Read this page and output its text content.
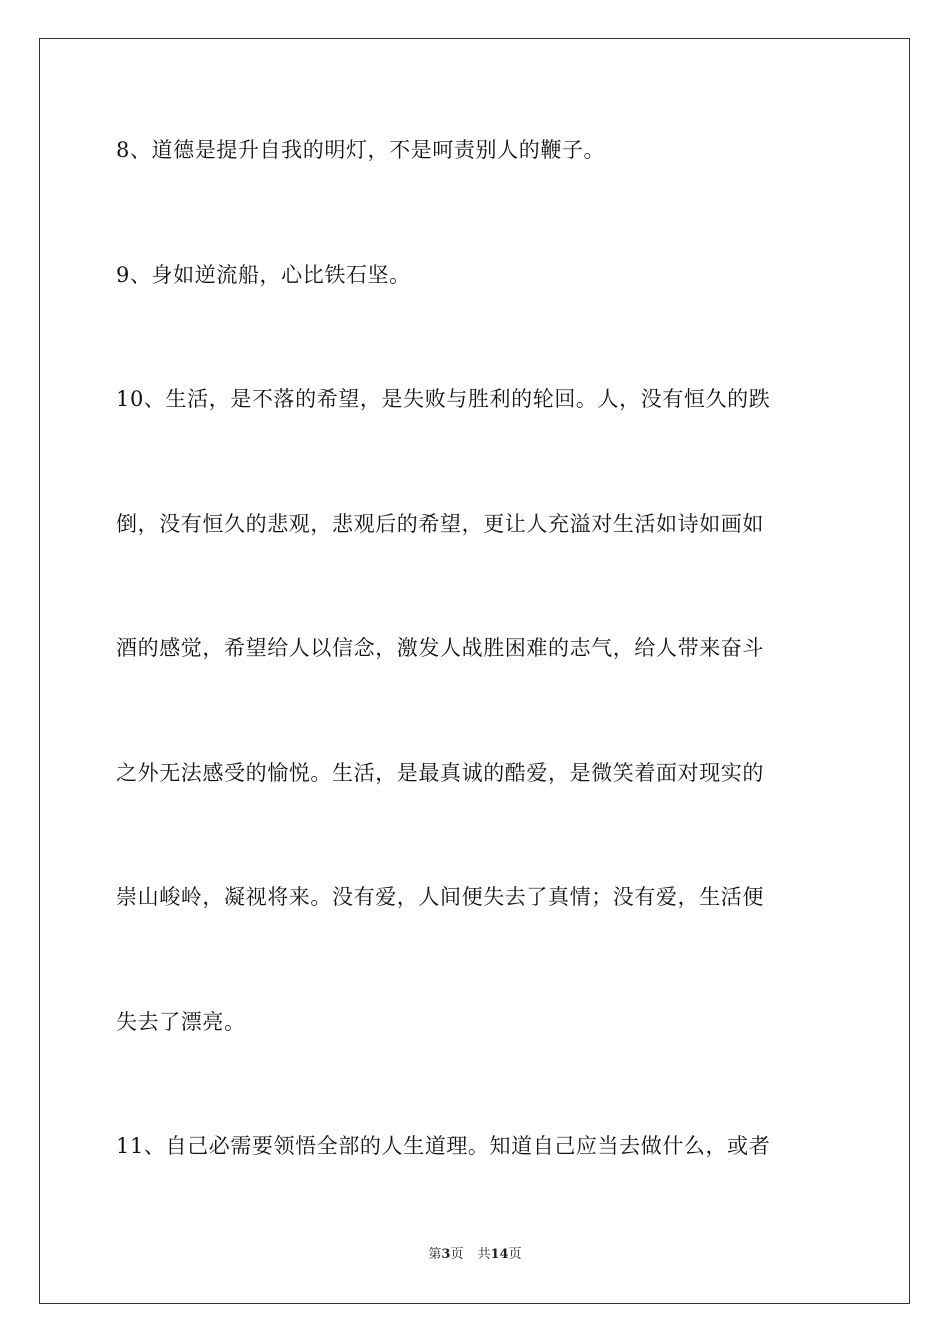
8、道德是提升自我的明灯，不是呵责别人的鞭子。
9、身如逆流船，心比铁石坚。
10、生活，是不落的希望，是失败与胜利的轮回。人，没有恒久的跌
倒，没有恒久的悲观，悲观后的希望，更让人充溢对生活如诗如画如
酒的感觉，希望给人以信念，激发人战胜困难的志气，给人带来奋斗
之外无法感受的愉悦。生活，是最真诚的酷爱，是微笑着面对现实的
崇山峻岭，凝视将来。没有爱，人间便失去了真情；没有爱，生活便
失去了漂亮。
11、自己必需要领悟全部的人生道理。知道自己应当去做什么，或者
第3页 共14页
